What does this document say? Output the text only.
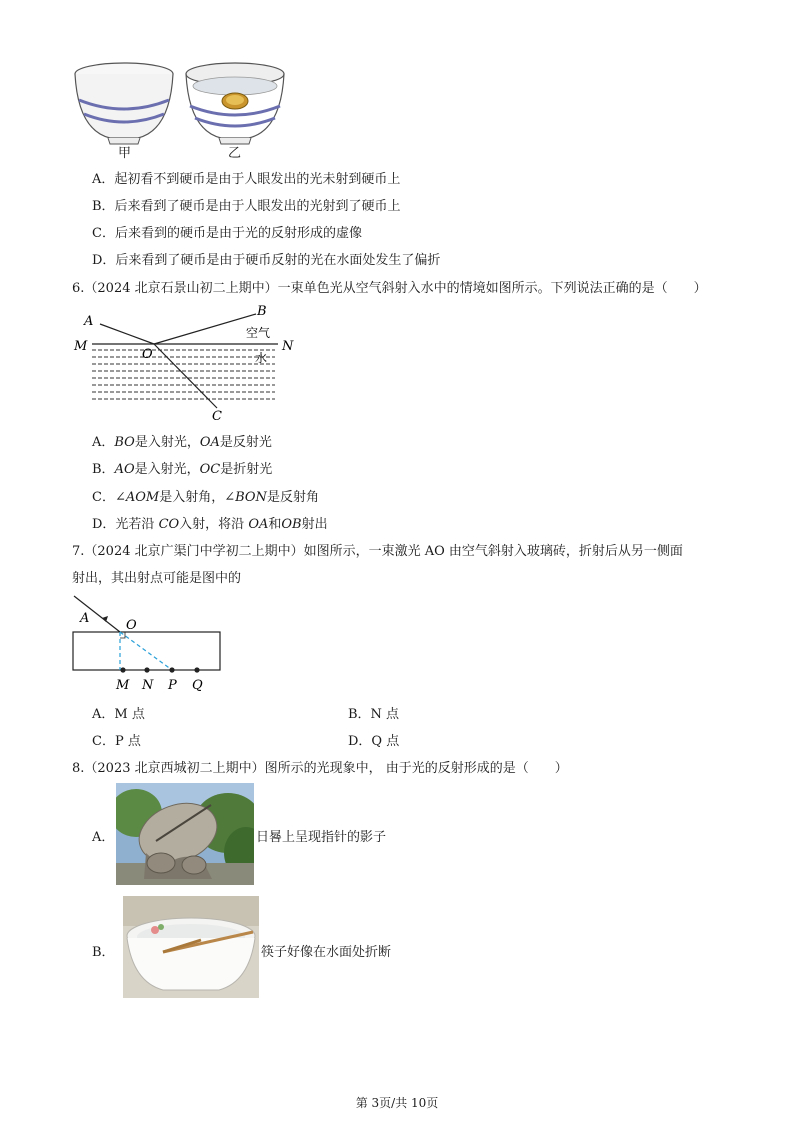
甲	乙
A．起初看不到硬币是由于人眼发出的光未射到硬币上
B．后来看到了硬币是由于人眼发出的光射到了硬币上
C．后来看到的硬币是由于光的反射形成的虚像
D．后来看到了硬币是由于硬币反射的光在水面处发生了偏折
6.（2024 北京石景山初二上期中）一束单色光从空气斜射入水中的情境如图所示。下列说法正确的是（　　）
A
B
M	N
O
C
空气
水
A．BO是入射光，OA是反射光
B．AO是入射光，OC是折射光
C．∠AOM是入射角，∠BON是反射角
D．光若沿 CO入射，将沿 OA和OB射出
7.（2024 北京广渠门中学初二上期中）如图所示，一束激光 AO 由空气斜射入玻璃砖，折射后从另一侧面
射出，其出射点可能是图中的
A	O
M N P Q
A．M 点	B．N 点
C．P 点	D．Q 点
8.（2023 北京西城初二上期中）图所示的光现象中， 由于光的反射形成的是（　　）
A．	日晷上呈现指针的影子
B．	筷子好像在水面处折断
第 3页/共 10页
